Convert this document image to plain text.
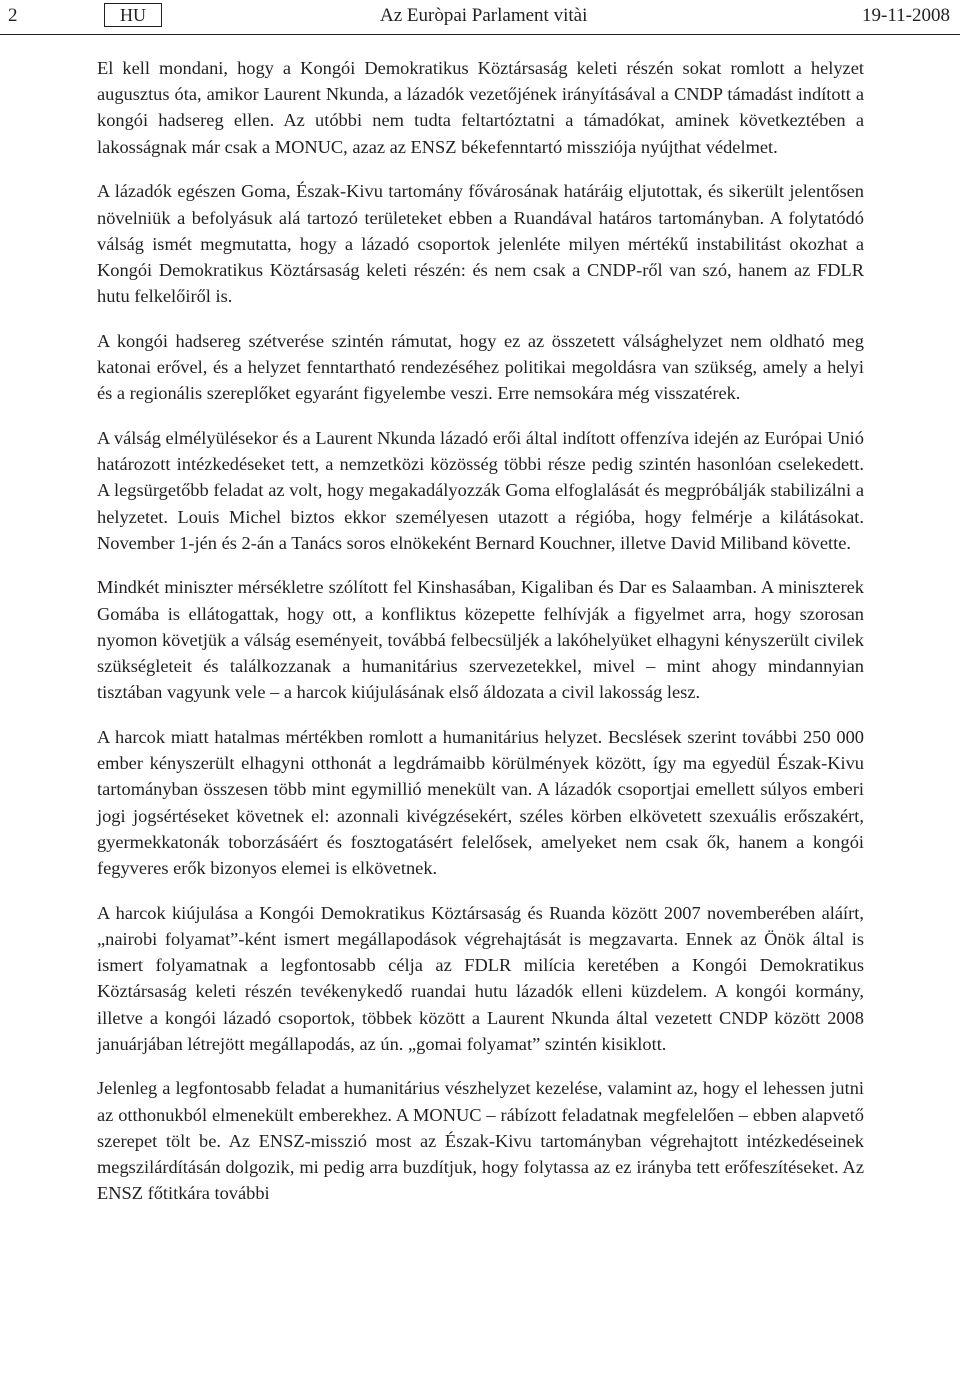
2	HU	Az Euròpai Parlament vitài	19-11-2008

El kell mondani, hogy a Kongói Demokratikus Köztársaság keleti részén sokat romlott a helyzet augusztus óta, amikor Laurent Nkunda, a lázadók vezetőjének irányításával a CNDP támadást indított a kongói hadsereg ellen. Az utóbbi nem tudta feltartóztatni a támadókat, aminek következtében a lakosságnak már csak a MONUC, azaz az ENSZ békefenntartó missziója nyújthat védelmet.

A lázadók egészen Goma, Észak-Kivu tartomány fővárosának határáig eljutottak, és sikerült jelentősen növelniük a befolyásuk alá tartozó területeket ebben a Ruandával határos tartományban. A folytatódó válság ismét megmutatta, hogy a lázadó csoportok jelenléte milyen mértékű instabilitást okozhat a Kongói Demokratikus Köztársaság keleti részén: és nem csak a CNDP-ről van szó, hanem az FDLR hutu felkelőiről is.

A kongói hadsereg szétverése szintén rámutat, hogy ez az összetett válsághelyzet nem oldható meg katonai erővel, és a helyzet fenntartható rendezéséhez politikai megoldásra van szükség, amely a helyi és a regionális szereplőket egyaránt figyelembe veszi. Erre nemsokára még visszatérek.

A válság elmélyülésekor és a Laurent Nkunda lázadó erői által indított offenzíva idején az Európai Unió határozott intézkedéseket tett, a nemzetközi közösség többi része pedig szintén hasonlóan cselekedett. A legsürgetőbb feladat az volt, hogy megakadályozzák Goma elfoglalását és megpróbálják stabilizálni a helyzetet. Louis Michel biztos ekkor személyesen utazott a régióba, hogy felmérje a kilátásokat. November 1-jén és 2-án a Tanács soros elnökeként Bernard Kouchner, illetve David Miliband követte.

Mindkét miniszter mérsékletre szólított fel Kinshasában, Kigaliban és Dar es Salaamban. A miniszterek Gomába is ellátogattak, hogy ott, a konfliktus közepette felhívják a figyelmet arra, hogy szorosan nyomon követjük a válság eseményeit, továbbá felbecsüljék a lakóhelyüket elhagyni kényszerült civilek szükségleteit és találkozzanak a humanitárius szervezetekkel, mivel – mint ahogy mindannyian tisztában vagyunk vele – a harcok kiújulásának első áldozata a civil lakosság lesz.

A harcok miatt hatalmas mértékben romlott a humanitárius helyzet. Becslések szerint további 250 000 ember kényszerült elhagyni otthonát a legdrámaibb körülmények között, így ma egyedül Észak-Kivu tartományban összesen több mint egymillió menekült van. A lázadók csoportjai emellett súlyos emberi jogi jogsértéseket követnek el: azonnali kivégzésekért, széles körben elkövetett szexuális erőszakért, gyermekkatonák toborzásáért és fosztogatásért felelősek, amelyeket nem csak ők, hanem a kongói fegyveres erők bizonyos elemei is elkövetnek.

A harcok kiújulása a Kongói Demokratikus Köztársaság és Ruanda között 2007 novemberében aláírt, „nairobi folyamat”-ként ismert megállapodások végrehajtását is megzavarta. Ennek az Önök által is ismert folyamatnak a legfontosabb célja az FDLR milícia keretében a Kongói Demokratikus Köztársaság keleti részén tevékenykedő ruandai hutu lázadók elleni küzdelem. A kongói kormány, illetve a kongói lázadó csoportok, többek között a Laurent Nkunda által vezetett CNDP között 2008 januárjában létrejött megállapodás, az ún. „gomai folyamat” szintén kisiklott.

Jelenleg a legfontosabb feladat a humanitárius vészhelyzet kezelése, valamint az, hogy el lehessen jutni az otthonukból elmenekült emberekhez. A MONUC – rábízott feladatnak megfelelően – ebben alapvető szerepet tölt be. Az ENSZ-misszió most az Észak-Kivu tartományban végrehajtott intézkedéseinek megszilárdításán dolgozik, mi pedig arra buzdítjuk, hogy folytassa az ez irányba tett erőfeszítéseket. Az ENSZ főtitkára további
